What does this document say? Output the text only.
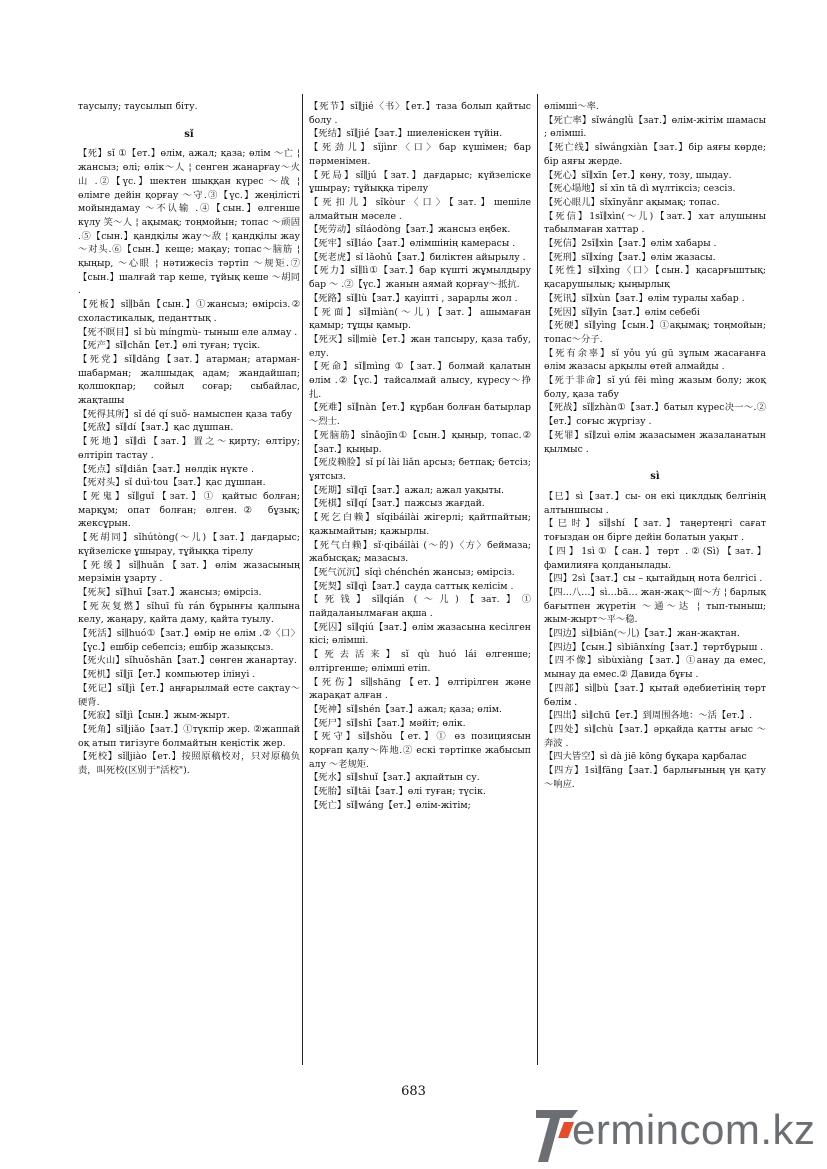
таусылу; таусылып біту.
sǐ
【死】sǐ ①【ет.】өлім, ажал; қаза; өлім ～亡 ¦ жансыз; өлі; өлік～人 ¦ сенген жанарғау～火山 .②【үс.】шектен шыққан күрес ～战 ¦ өлімге дейін қорғау ～守.③【үс.】жеңілісті мойындамау ～不认输 .④【сын.】өлгенше күлу 笑～人 ¦ ақымақ; тоңмойын; топас ～顽固 .⑤【сын.】қандқілы жау～敌 ¦ қандқілы жау～对头.⑥【сын.】кеще; мақау; топас～脑筋 ¦ қыңыр, ～心眼 ¦ нәтижесіз тәртіп ～规矩.⑦【сын.】шалғай тар кеше, тұйық кеше ～胡同 .
【死板】sǐ∥bǎn【сын.】①жансыз; өмірсіз.② схоластикалық, педанттық .
【死不瞑目】sǐ bù míngmù- тыныш еле алмау .
【死产】sǐ∥chǎn【ет.】өлі туған; түсік.
【死党】sǐ∥dǎng【зат.】атарман; атарман-шабарман; жалшыдақ адам; жандайшап; қолшоқпар; сойыл соғар; сыбайлас, жақташы
【死得其所】sǐ dé qí suǒ- намыспен қаза табу
【死敌】sǐ∥dí【зат.】қас дұшпан.
【死地】sǐ∥dì【зат.】置之～қирту; өлтіру; өлтіріп тастау .
【死点】sǐ∥diǎn【зат.】нөлдік нүкте .
【死对头】sǐ duì·tou【зат.】қас дұшпан.
【死鬼】sǐ∥guǐ【зат.】① қайтыс болған; марқұм; опат болған; өлген.② бұзық; жексұрын.
【死胡同】sǐhútòng(～儿)【зат.】дағдарыс; күйзеліске ұшырау, тұйыққа тірелу
【死缓】sǐ∥huǎn【зат.】өлім жазасының мерзімін ұзарту .
【死灰】sǐ∥huī【зат.】жансыз; өмірсіз.
【死灰复燃】sǐhuī fù rán бұрынғы қалпына келу, жаңару, қайта даму, қайта туылу.
【死活】sǐ∥huó①【зат.】өмір не өлім .②〈口〉【үс.】ешбір себепсіз; ешбір жазықсыз.
【死火山】sǐhuǒshān【зат.】сөнген жанартау.
【死机】sǐ∥jī【ет.】компьютер ілінуі .
【死记】sǐ∥jì【ет.】аңғарылмай есте сақтау～硬背.
【死寂】sǐ∥jì【сын.】жым-жырт.
【死角】sǐ∥jiǎo【зат.】①түкпір жер. ②жаппай оқ атып тигізуге болмайтын кеңістік жер.
【死校】sǐ∥jiào【ет.】按照原稿校对，只对原稿负责，叫死校(区别于"活校").
【死节】sǐ∥jié〈书〉【ет.】таза болып қайтыс болу .
【死结】sǐ∥jié【зат.】шиеленіскен түйін.
【死劲儿】sǐjìnr〈口〉бар күшімен; бар пәрменімен.
【死局】sǐ∥jú【зат.】дағдарыс; күйзеліске ұшырау; тұйыққа тірелу
【死扣儿】sǐkòur〈口〉【зат.】шешіле алмайтын мәселе .
【死劳动】sǐláodòng【зат.】жансыз еңбек.
【死牢】sǐ∥láo【зат.】өлімшінің камерасы .
【死老虎】sǐ lǎohǔ【зат.】билiктен айырылу .
【死力】sǐ∥lì①【зат.】бар күшті жұмылдыру бар ～ .②【үс.】жанын аямай қорғау～抵抗.
【死路】sǐ∥lù【зат.】қауіпті , зарарлы жол .
【死面】sǐ∥miàn(～儿)【зат.】ашымаған қамыр; тұщы қамыр.
【死灭】sǐ∥miè【ет.】жан тапсыру, қаза табу, елу.
【死命】sǐ∥mìng ①【зат.】болмай қалатын өлім .②【үс.】тайсалмай алысу, күресу～挣扎.
【死难】sǐ∥nàn【ет.】құрбан болған батырлар～烈士.
【死脑筋】sǐnǎojīn①【сын.】қыңыр, топас.②【зат.】қыңыр.
【死皮赖脸】sǐ pí lài liǎn арсыз; бетпақ; бетсіз; ұятсыз.
【死期】sǐ∥qī【зат.】ажал; ажал уақыты.
【死棋】sǐ∥qí【зат.】пажсыз жағдай.
【死乞白赖】sǐqibáilài жігерлі; қайтпайтын; қажымайтын; қажырлы.
【死气白赖】sǐ·qibáilài (～的)〈方〉беймаза; жабысқақ; мазасыз.
【死气沉沉】sǐqì chénchén жансыз; өмірсіз.
【死契】sǐ∥qì【зат.】сауда саттық келісім .
【死钱】sǐ∥qián (～儿)【зат.】① пайдаланылмаған ақша .
【死囚】sǐ∥qiú【зат.】өлім жазасына кесілген кісі; өлімші.
【死去活来】sǐ qù huó lái өлгенше; өлтіргенше; өлімші етіп.
【死伤】sǐ∥shāng【ет.】өлтірілген және жарақат алған .
【死神】sǐ∥shén【зат.】ажал; қаза; өлім.
【死尸】sǐ∥shī【зат.】мәйіт; өлік.
【死守】sǐ∥shǒu【ет.】① өз позициясын қорғап қалу～阵地.② ескі тәртіпке жабысып алу ～老规矩.
【死水】sǐ∥shuǐ【зат.】ақпайтын су.
【死胎】sǐ∥tāi【зат.】өлі туған; түсік.
【死亡】sǐ∥wáng【ет.】өлім-жітім;
өлімші～率.
【死亡率】sǐwánglǜ【зат.】өлім-жітім шамасы ; өлімші.
【死亡线】sǐwángxiàn【зат.】бір аяғы көрде; бір аяғы жерде.
【死心】sǐ∥xīn【ет.】көну, тозу, шыдау.
【死心塌地】sǐ xīn tā dì мүлтіксіз; сезсіз.
【死心眼儿】sǐxīnyǎnr ақымақ; топас.
【死信】1sǐ∥xìn(～儿)【зат.】хат алушыны табылмаған хаттар .
【死信】2sǐ∥xìn【зат.】өлім хабары .
【死刑】sǐ∥xíng【зат.】өлім жазасы.
【死性】sǐ∥xìng〈口〉【сын.】қасарғыштық; қасарушылық; қыңырлық
【死讯】sǐ∥xùn【зат.】өлім туралы хабар .
【死因】sǐ∥yīn【зат.】өлім себебі
【死硬】sǐ∥yìng【сын.】①ақымақ; тоңмойын; топас～分子.
【死有余辜】sǐ yǒu yú gū зұлым жасағанға өлім жазасы арқылы өтей алмайды .
【死于非命】sǐ yú fēi mìng жазым болу; жоқ болу, қаза табу
【死战】sǐ∥zhàn①【зат.】батыл күрес决一～.②【ет.】соғыс жүргізу .
【死罪】sǐ∥zuì өлім жазасымен жазаланатын қылмыс .
sì
【巳】sì【зат.】сы- он екі циклдық белгінің алтыншысы .
【巳时】sǐ∥shí【зат.】таңертеңгі сағат тоғыздан он бірге дейін болатын уақыт .
【四】1sì①【сан.】төрт .②(Sì)【зат.】фамилияға қолданылады.
【四】2sì【зат.】сы – қытайдың нота белгісі .
【四…八…】sì…bā… жан-жақ～面～方 ¦ барлық бағытпен жүретін ～通～达 ¦ тып-тыныш; жым-жырт～平～稳.
【四边】sì∥biān(～儿)【зат.】жан-жақтан.
【四边】【сын.】sìbiānxíng【зат.】төртбұрыш .
【四不像】sìbùxiàng【зат.】①анау да емес, мынау да емес.② Давида бұғы .
【四部】sì∥bù【зат.】қытай әдебиетінің төрт бөлім .
【四出】sì∥chū【ет.】到周围各地：～活【ет.】.
【四处】sì∥chù【зат.】әрқайда қатты ағыс ～奔波 .
【四大皆空】sì dà jiē kōng бұқара қарбалас
【四方】1sì∥fāng【зат.】барлығының үн қату～响应.
683
ermincom.kz
